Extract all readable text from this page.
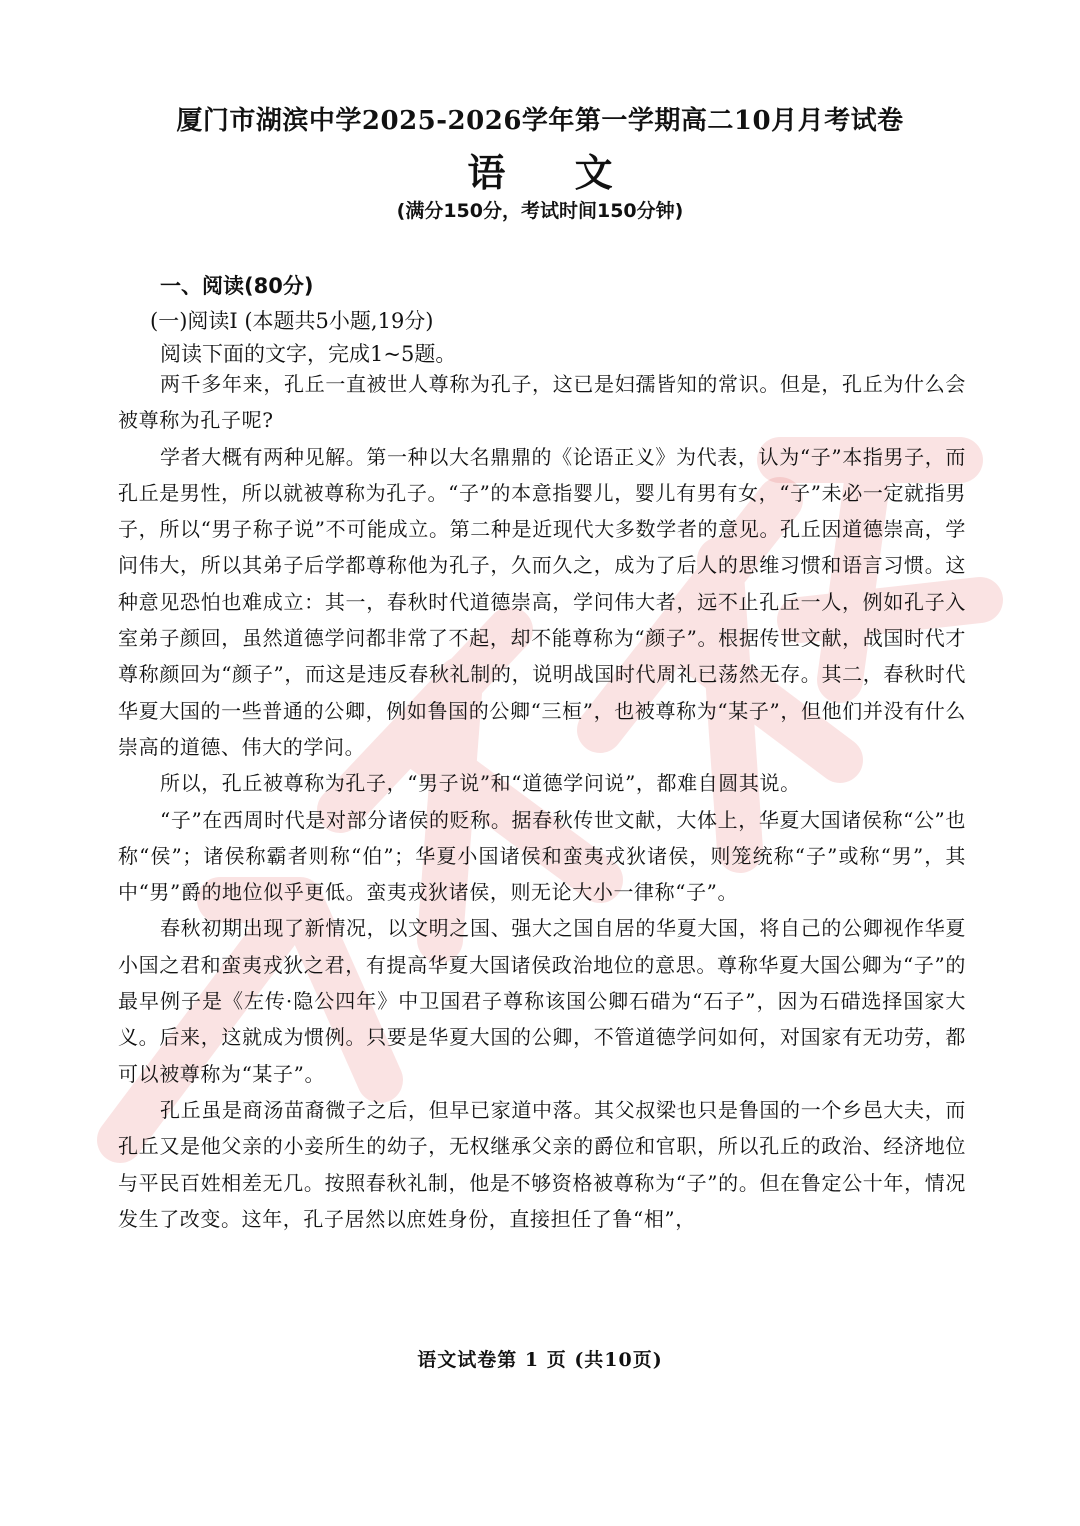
厦门市湖滨中学2025-2026学年第一学期高二10月月考试卷
语 文
(满分150分，考试时间150分钟)
一、阅读(80分)
(一)阅读Ⅰ (本题共5小题,19分)
阅读下面的文字，完成1~5题。

两千多年来，孔丘一直被世人尊称为孔子，这已是妇孺皆知的常识。但是，孔丘为什么会被尊称为孔子呢?

学者大概有两种见解。第一种以大名鼎鼎的《论语正义》为代表，认为“子”本指男子，而孔丘是男性，所以就被尊称为孔子。“子”的本意指婴儿，婴儿有男有女，“子”未必一定就指男子，所以“男子称子说”不可能成立。第二种是近现代大多数学者的意见。孔丘因道德崇高，学问伟大，所以其弟子后学都尊称他为孔子，久而久之，成为了后人的思维习惯和语言习惯。这种意见恐怕也难成立：其一，春秋时代道德崇高，学问伟大者，远不止孔丘一人，例如孔子入室弟子颜回，虽然道德学问都非常了不起，却不能尊称为“颜子”。根据传世文献，战国时代才尊称颜回为“颜子”，而这是违反春秋礼制的，说明战国时代周礼已荡然无存。其二，春秋时代华夏大国的一些普通的公卿，例如鲁国的公卿“三桓”，也被尊称为“某子”，但他们并没有什么崇高的道德、伟大的学问。

所以，孔丘被尊称为孔子，“男子说”和“道德学问说”，都难自圆其说。

“子”在西周时代是对部分诸侯的贬称。据春秋传世文献，大体上，华夏大国诸侯称“公”也称“侯”；诸侯称霸者则称“伯”；华夏小国诸侯和蛮夷戎狄诸侯，则笼统称“子”或称“男”，其中“男”爵的地位似乎更低。蛮夷戎狄诸侯，则无论大小一律称“子”。

春秋初期出现了新情况，以文明之国、强大之国自居的华夏大国，将自己的公卿视作华夏小国之君和蛮夷戎狄之君，有提高华夏大国诸侯政治地位的意思。尊称华夏大国公卿为“子”的最早例子是《左传·隐公四年》中卫国君子尊称该国公卿石碏为“石子”，因为石碏选择国家大义。后来，这就成为惯例。只要是华夏大国的公卿，不管道德学问如何，对国家有无功劳，都可以被尊称为“某子”。

孔丘虽是商汤苗裔微子之后，但早已家道中落。其父叔梁也只是鲁国的一个乡邑大夫，而孔丘又是他父亲的小妾所生的幼子，无权继承父亲的爵位和官职，所以孔丘的政治、经济地位与平民百姓相差无几。按照春秋礼制，他是不够资格被尊称为“子”的。但在鲁定公十年，情况发生了改变。这年，孔子居然以庶姓身份，直接担任了鲁“相”，

语文试卷第 1 页 (共10页)
